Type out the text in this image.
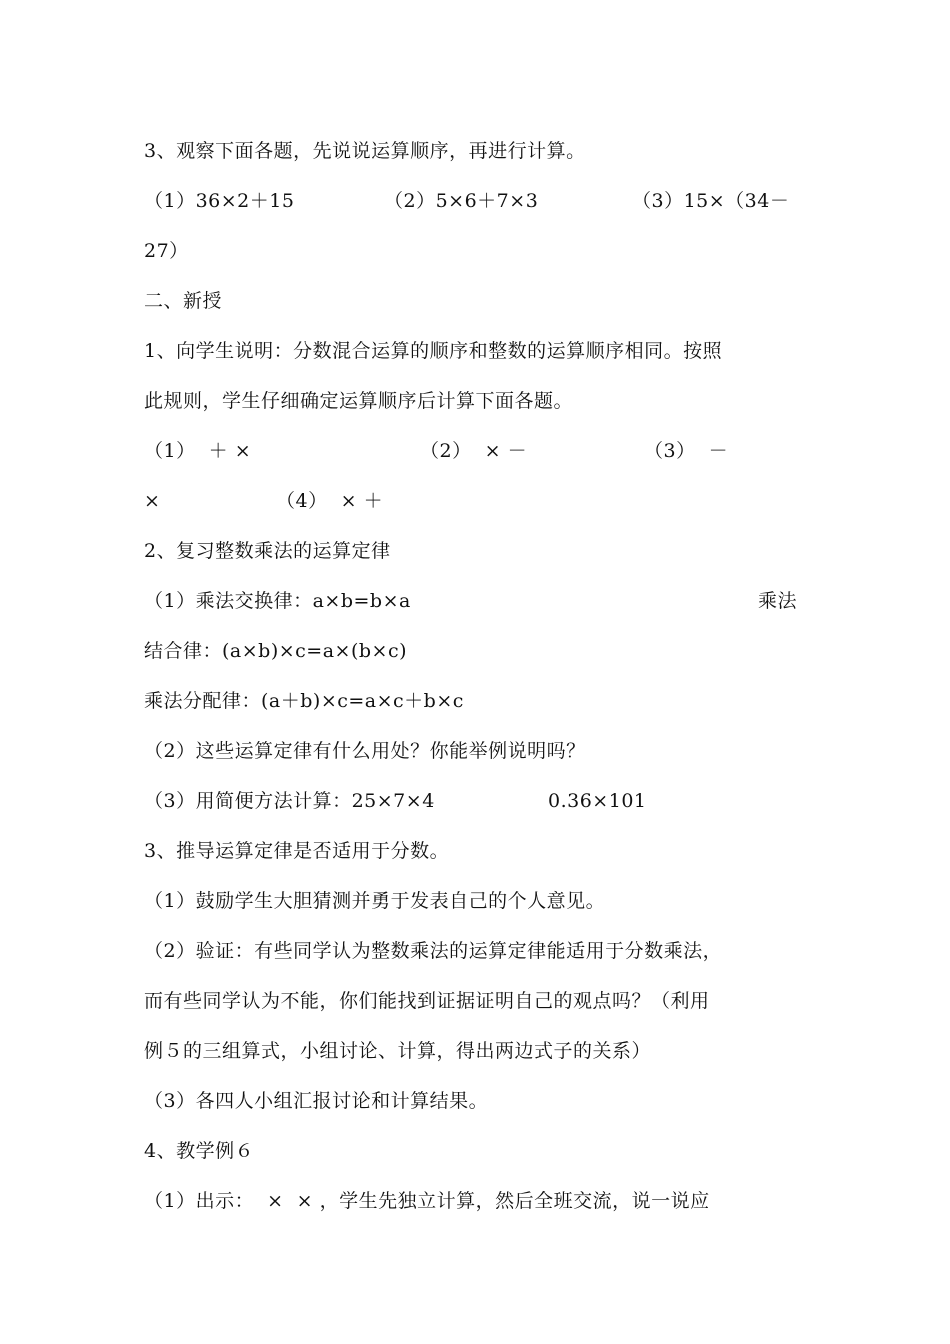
3、观察下面各题，先说说运算顺序，再进行计算。

（1）36×2＋15

	（2）5×6＋7×3

	（3）15×（34－

27）
二、新授
1、向学生说明：分数混合运算的顺序和整数的运算顺序相同。按照
此规则，学生仔细确定运算顺序后计算下面各题。

（1）  ＋ ×

	（2）  × －

	（3）  －

×

	（4）  × ＋

2、复习整数乘法的运算定律

（1）乘法交换律：a×b=b×a

	乘法

结合律：(a×b)×c=a×(b×c)
乘法分配律：(a＋b)×c=a×c＋b×c
（2）这些运算定律有什么用处？你能举例说明吗？

（3）用简便方法计算：25×7×4

	0.36×101

3、推导运算定律是否适用于分数。
（1）鼓励学生大胆猜测并勇于发表自己的个人意见。
（2）验证：有些同学认为整数乘法的运算定律能适用于分数乘法，
而有些同学认为不能，你们能找到证据证明自己的观点吗？（利用
例５的三组算式，小组讨论、计算，得出两边式子的关系）
（3）各四人小组汇报讨论和计算结果。
4、教学例６
（1）出示：  ×  × ，学生先独立计算，然后全班交流，说一说应
